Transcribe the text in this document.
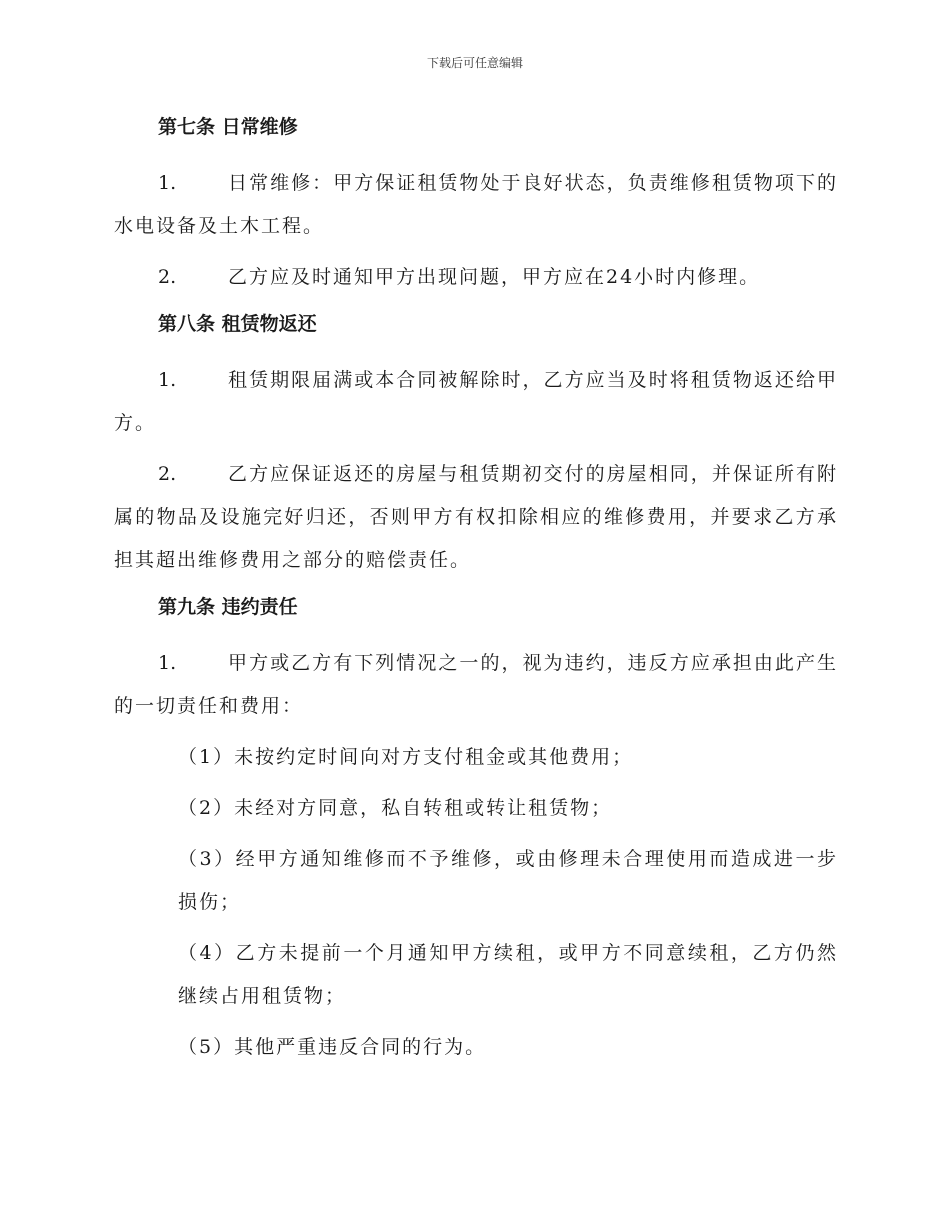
下载后可任意编辑
第七条 日常维修

1.	日常维修：甲方保证租赁物处于良好状态，负责维修租赁物项下的水电设备及土木工程。

2.	乙方应及时通知甲方出现问题，甲方应在24小时内修理。

第八条 租赁物返还

1.	租赁期限届满或本合同被解除时，乙方应当及时将租赁物返还给甲方。

2.	乙方应保证返还的房屋与租赁期初交付的房屋相同，并保证所有附属的物品及设施完好归还，否则甲方有权扣除相应的维修费用，并要求乙方承担其超出维修费用之部分的赔偿责任。

第九条 违约责任

1.	甲方或乙方有下列情况之一的，视为违约，违反方应承担由此产生的一切责任和费用：

（1）未按约定时间向对方支付租金或其他费用；

（2）未经对方同意，私自转租或转让租赁物；

（3）经甲方通知维修而不予维修，或由修理未合理使用而造成进一步损伤；

（4）乙方未提前一个月通知甲方续租，或甲方不同意续租，乙方仍然继续占用租赁物；

（5）其他严重违反合同的行为。
